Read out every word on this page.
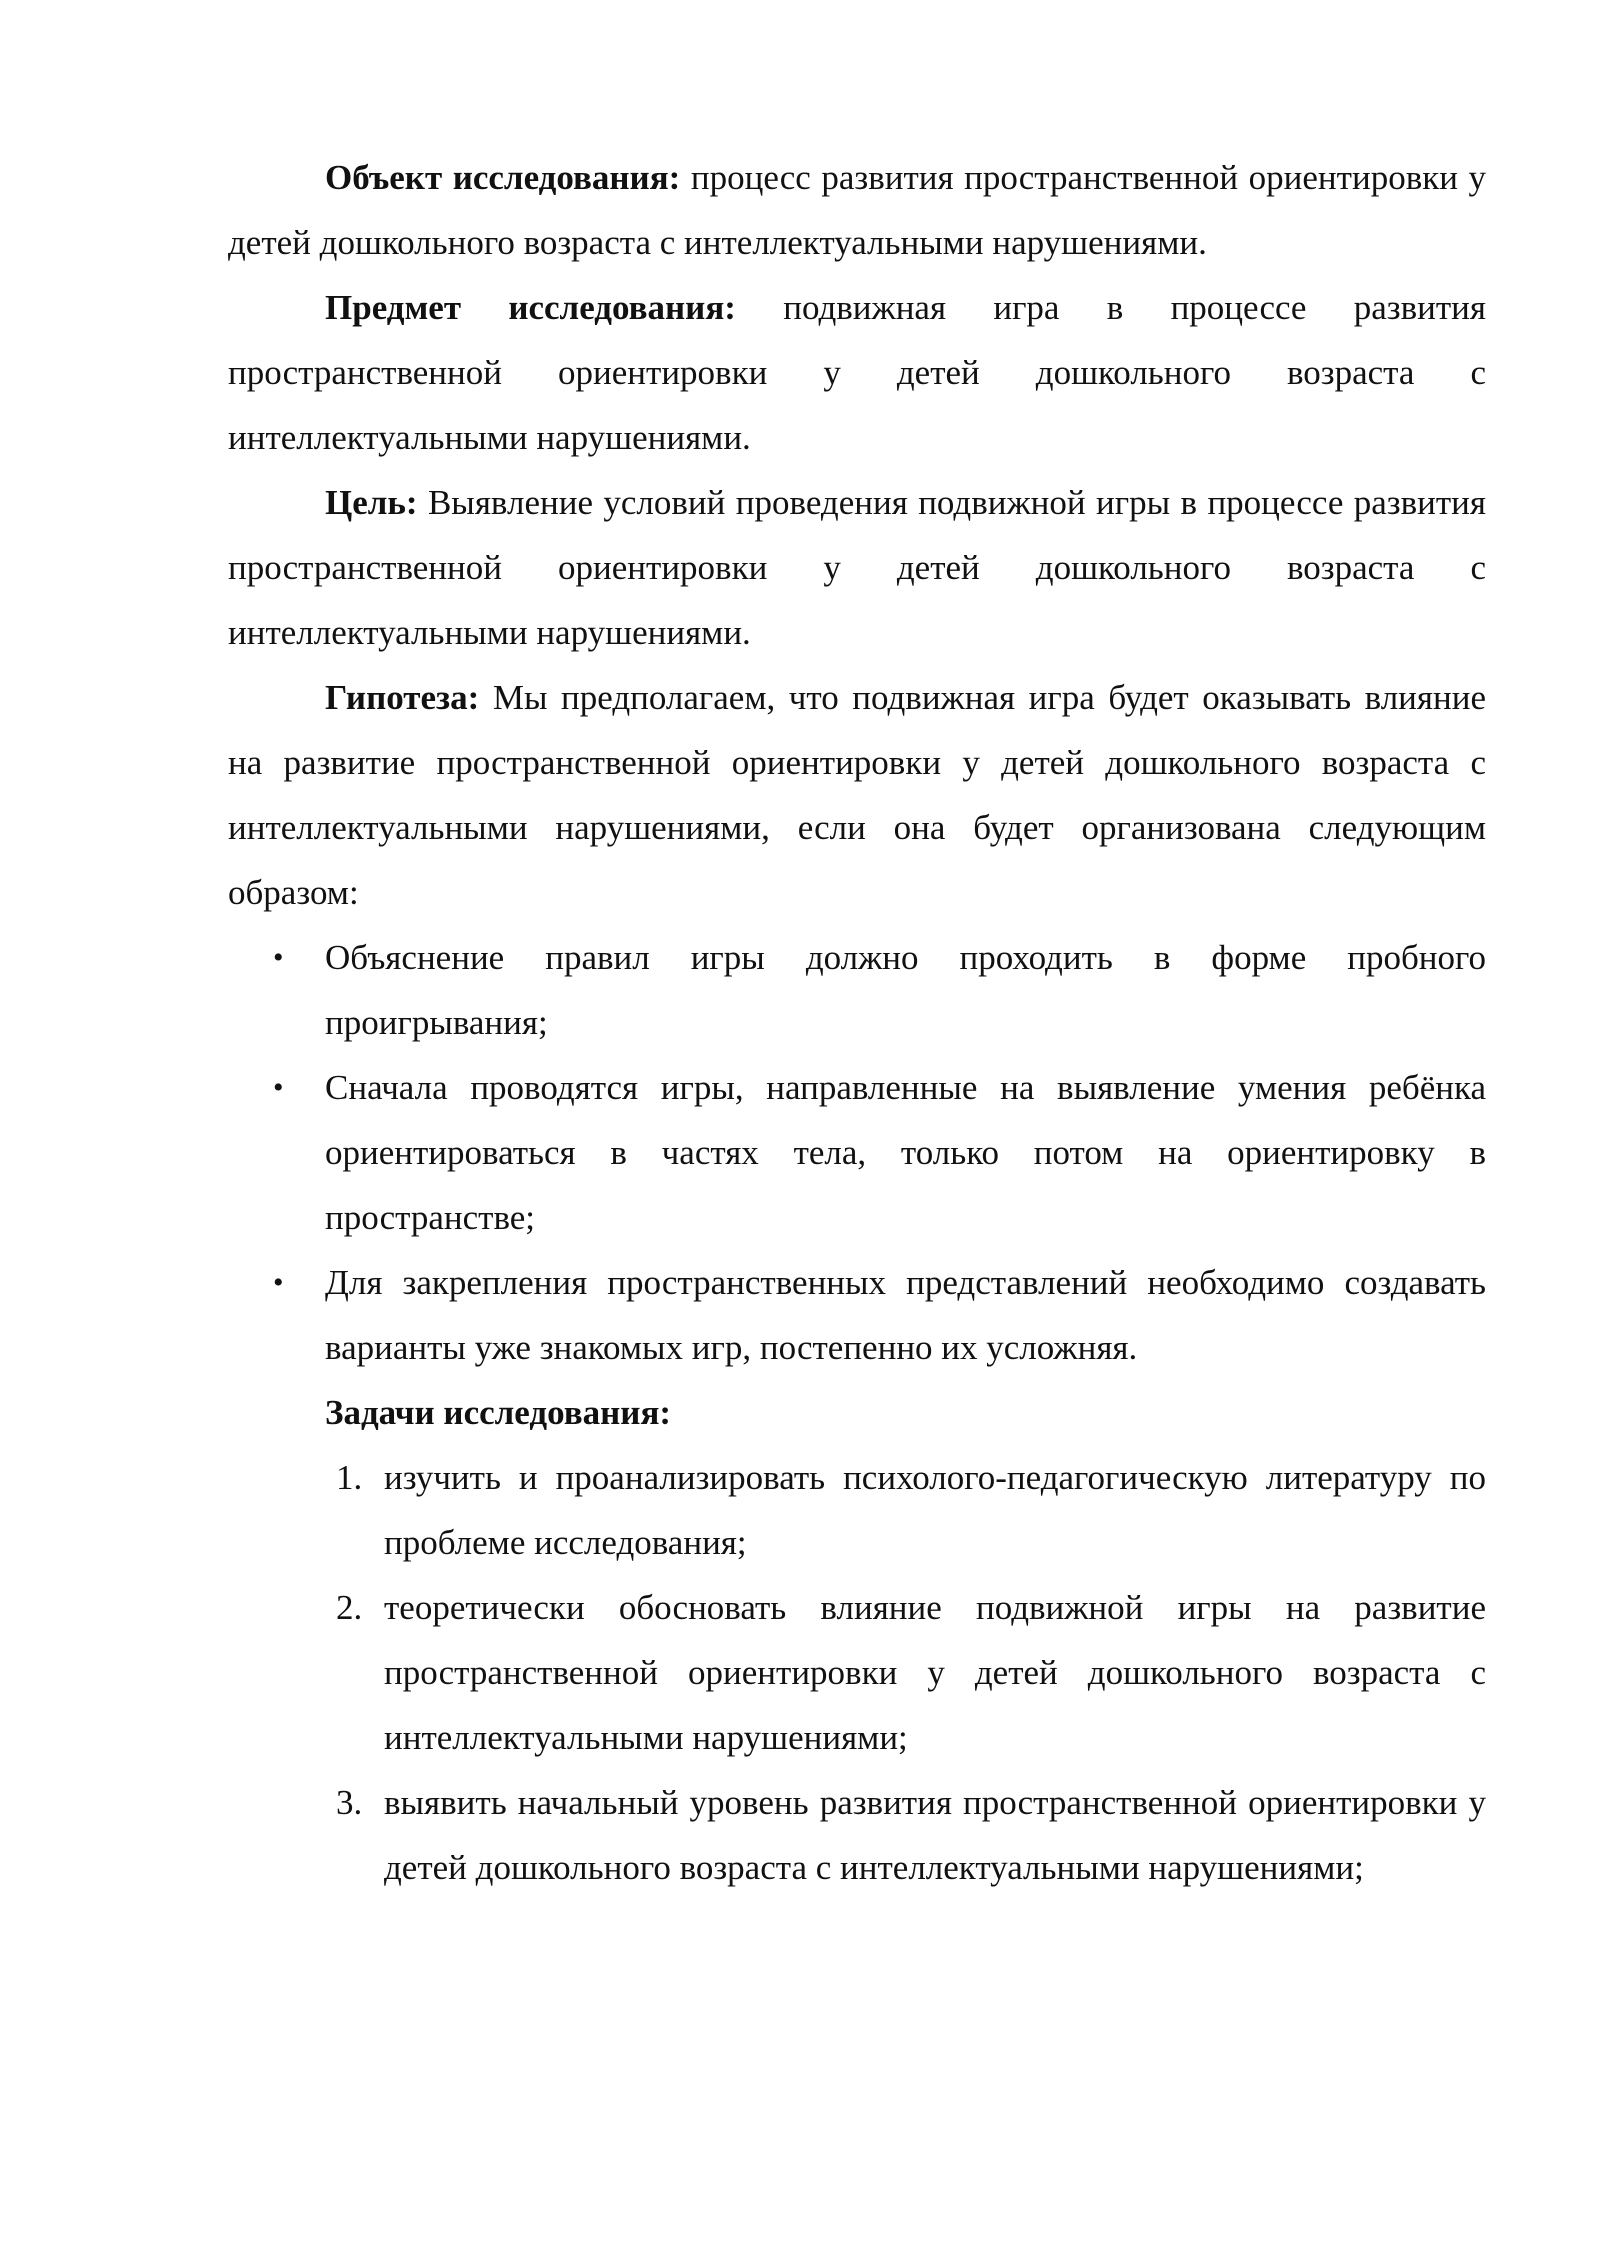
Объект исследования: процесс развития пространственной ориентировки у детей дошкольного возраста с интеллектуальными нарушениями.

Предмет исследования: подвижная игра в процессе развития пространственной ориентировки у детей дошкольного возраста с интеллектуальными нарушениями.

Цель: Выявление условий проведения подвижной игры в процессе развития пространственной ориентировки у детей дошкольного возраста с интеллектуальными нарушениями.

Гипотеза: Мы предполагаем, что подвижная игра будет оказывать влияние на развитие пространственной ориентировки у детей дошкольного возраста с интеллектуальными нарушениями, если она будет организована следующим образом:

• Объяснение правил игры должно проходить в форме пробного проигрывания;
• Сначала проводятся игры, направленные на выявление умения ребёнка ориентироваться в частях тела, только потом на ориентировку в пространстве;
• Для закрепления пространственных представлений необходимо создавать варианты уже знакомых игр, постепенно их усложняя.

Задачи исследования:

1. изучить и проанализировать психолого-педагогическую литературу по проблеме исследования;
2. теоретически обосновать влияние подвижной игры на развитие пространственной ориентировки у детей дошкольного возраста с интеллектуальными нарушениями;
3. выявить начальный уровень развития пространственной ориентировки у детей дошкольного возраста с интеллектуальными нарушениями;
